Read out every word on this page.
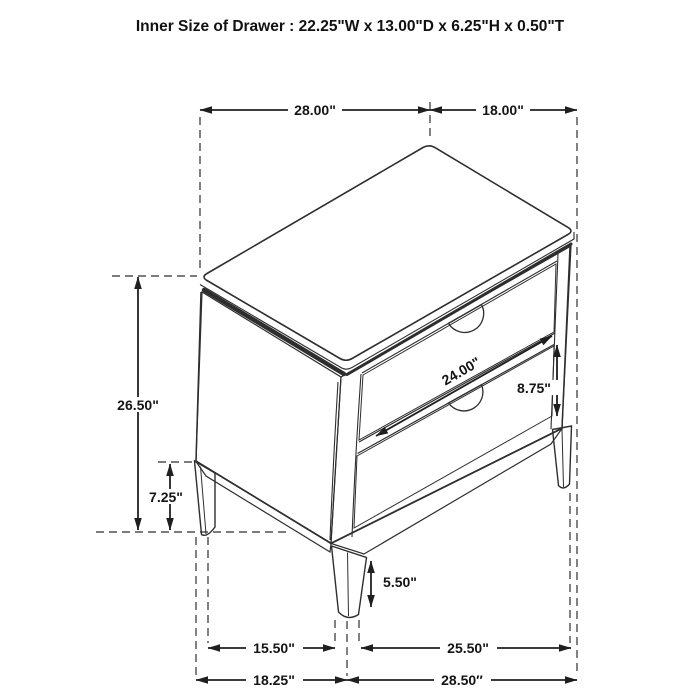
28.00"	18.00"
26.50"
7.25"
24.00" 8.75"
5.50"
15.50"	25.50"
18.25"	28.50″
Inner Size of Drawer : 22.25"W x 13.00"D x 6.25"H x 0.50"T
